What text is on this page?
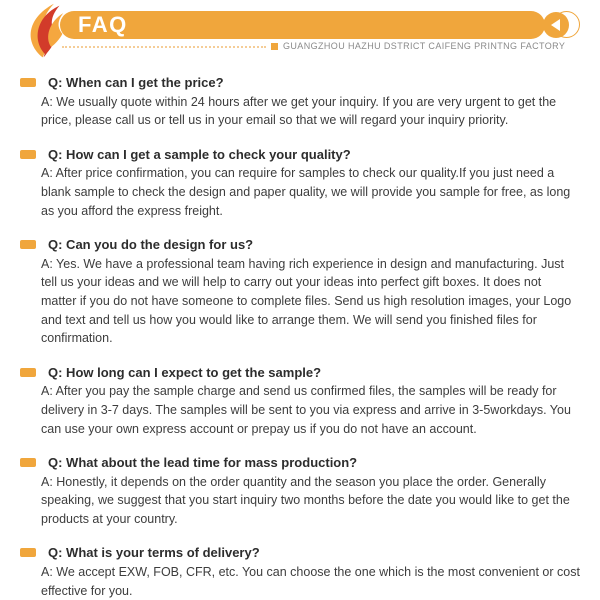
FAQ
GUANGZHOU HAZHU DSTRICT CAIFENG PRINTNG FACTORY
Q: When can I get the price?
A: We usually quote within 24 hours after we get your inquiry. If you are very urgent to get the price, please call us or tell us in your email so that we will regard your inquiry priority.
Q: How can I get a sample to check your quality?
A: After price confirmation, you can require for samples to check our quality.If you just need a blank sample to check the design and paper quality, we will provide you sample for free, as long as you afford the express freight.
Q: Can you do the design for us?
A: Yes. We have a professional team having rich experience in design and manufacturing. Just tell us your ideas and we will help to carry out your ideas into perfect gift boxes. It does not matter if you do not have someone to complete files. Send us high resolution images, your Logo and text and tell us how you would like to arrange them. We will send you finished files for confirmation.
Q: How long can I expect to get the sample?
A: After you pay the sample charge and send us confirmed files, the samples will be ready for delivery in 3-7 days. The samples will be sent to you via express and arrive in 3-5workdays. You can use your own express account or prepay us if you do not have an account.
Q: What about the lead time for mass production?
A: Honestly, it depends on the order quantity and the season you place the order. Generally speaking, we suggest that you start inquiry two months before the date you would like to get the products at your country.
Q: What is your terms of delivery?
A: We accept EXW, FOB, CFR, etc. You can choose the one which is the most convenient or cost effective for you.
